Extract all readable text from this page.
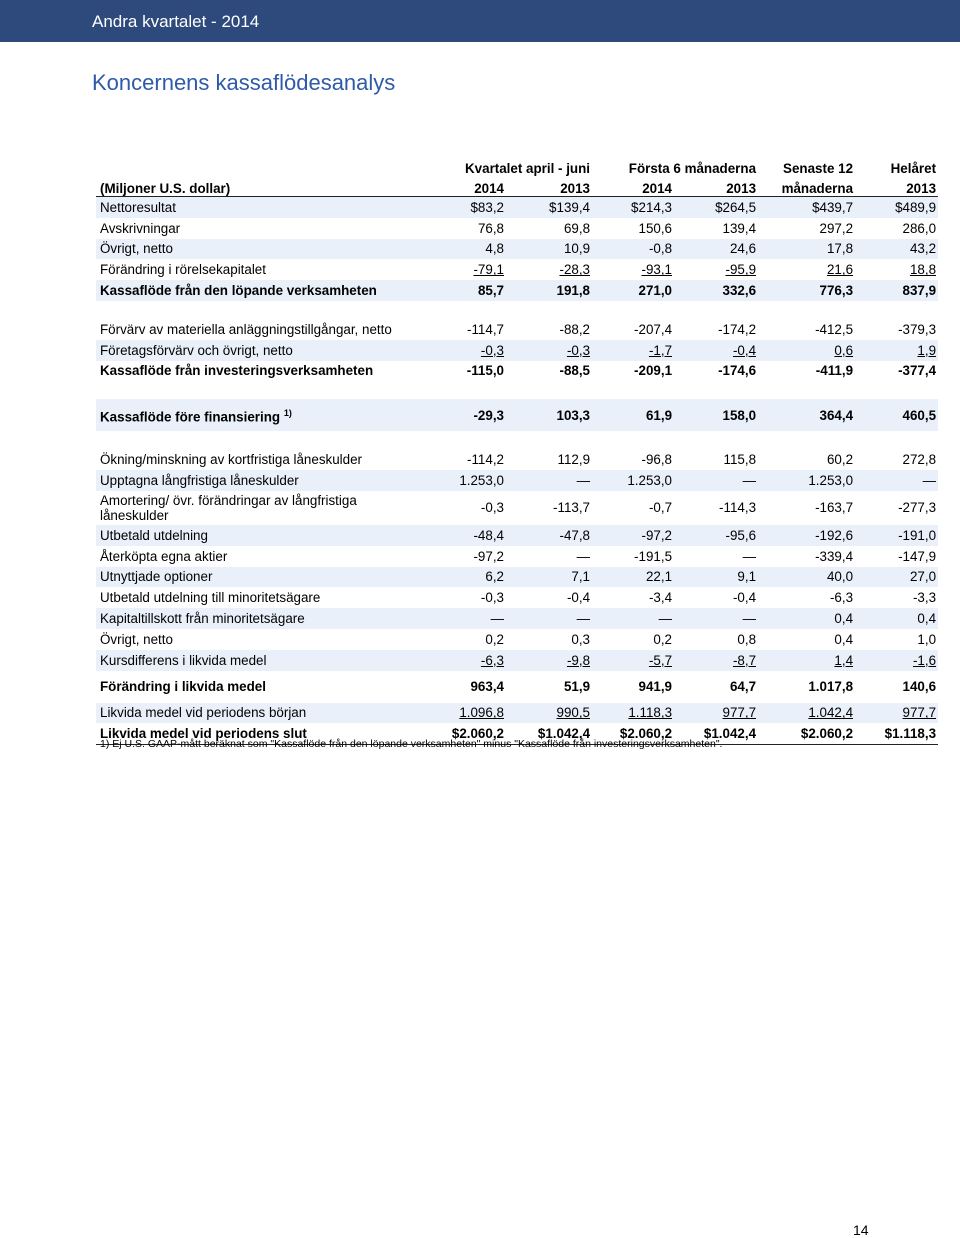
Andra kvartalet - 2014
Koncernens kassaflödesanalys
	Kvartalet april - juni		Första 6 månaderna		Senaste 12	Helåret
(Miljoner U.S. dollar)	2014	2013	2014	2013	månaderna	2013
Nettoresultat	$83,2	$139,4	$214,3	$264,5	$439,7	$489,9
Avskrivningar	76,8	69,8	150,6	139,4	297,2	286,0
Övrigt, netto	4,8	10,9	-0,8	24,6	17,8	43,2
Förändring i rörelsekapitalet	-79,1	-28,3	-93,1	-95,9	21,6	18,8
Kassaflöde från den löpande verksamheten	85,7	191,8	271,0	332,6	776,3	837,9

Förvärv av materiella anläggningstillgångar, netto	-114,7	-88,2	-207,4	-174,2	-412,5	-379,3
Företagsförvärv och övrigt, netto	-0,3	-0,3	-1,7	-0,4	0,6	1,9
Kassaflöde från investeringsverksamheten	-115,0	-88,5	-209,1	-174,6	-411,9	-377,4

Kassaflöde före finansiering $^{1)}$	-29,3	103,3	61,9	158,0	364,4	460,5

Ökning/minskning av kortfristiga låneskulder	-114,2	112,9	-96,8	115,8	60,2	272,8
Upptagna långfristiga låneskulder	1.253,0	—	1.253,0	—	1.253,0	—
Amortering/ övr. förändringar av långfristiga låneskulder	-0,3	-113,7	-0,7	-114,3	-163,7	-277,3
Utbetald utdelning	-48,4	-47,8	-97,2	-95,6	-192,6	-191,0
Återköpta egna aktier	-97,2	—	-191,5	—	-339,4	-147,9
Utnyttjade optioner	6,2	7,1	22,1	9,1	40,0	27,0
Utbetald utdelning till minoritetsägare	-0,3	-0,4	-3,4	-0,4	-6,3	-3,3
Kapitaltillskott från minoritetsägare	—	—	—	—	0,4	0,4
Övrigt, netto	0,2	0,3	0,2	0,8	0,4	1,0
Kursdifferens i likvida medel	-6,3	-9,8	-5,7	-8,7	1,4	-1,6
Förändring i likvida medel	963,4	51,9	941,9	64,7	1.017,8	140,6
Likvida medel vid periodens början	1.096,8	990,5	1.118,3	977,7	1.042,4	977,7
Likvida medel vid periodens slut	$2.060,2	$1.042,4	$2.060,2	$1.042,4	$2.060,2	$1.118,3
1) Ej U.S. GAAP-mått beräknat som "Kassaflöde från den löpande verksamheten" minus "Kassaflöde från investeringsverksamheten".
14
